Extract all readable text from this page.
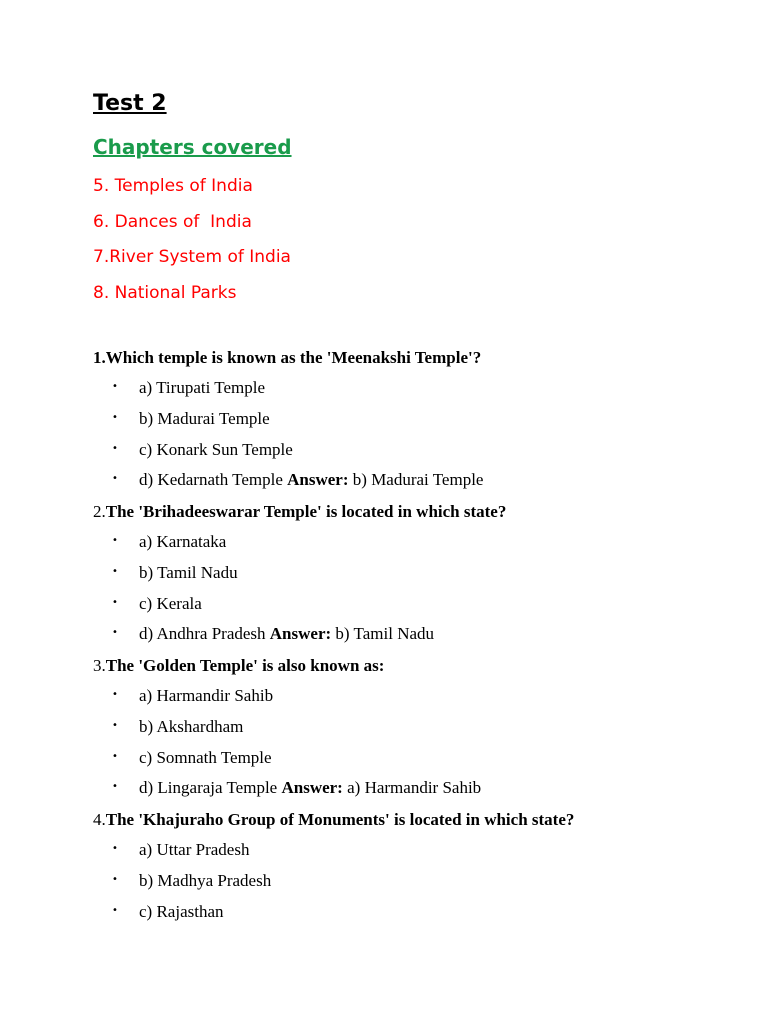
Test 2
Chapters covered
5. Temples of India
6. Dances of  India
7.River System of India
8. National Parks
1.Which temple is known as the 'Meenakshi Temple'?
• a) Tirupati Temple
• b) Madurai Temple
• c) Konark Sun Temple
• d) Kedarnath Temple Answer: b) Madurai Temple
2.The 'Brihadeeswarar Temple' is located in which state?
• a) Karnataka
• b) Tamil Nadu
• c) Kerala
• d) Andhra Pradesh Answer: b) Tamil Nadu
3.The 'Golden Temple' is also known as:
• a) Harmandir Sahib
• b) Akshardham
• c) Somnath Temple
• d) Lingaraja Temple Answer: a) Harmandir Sahib
4.The 'Khajuraho Group of Monuments' is located in which state?
• a) Uttar Pradesh
• b) Madhya Pradesh
• c) Rajasthan
